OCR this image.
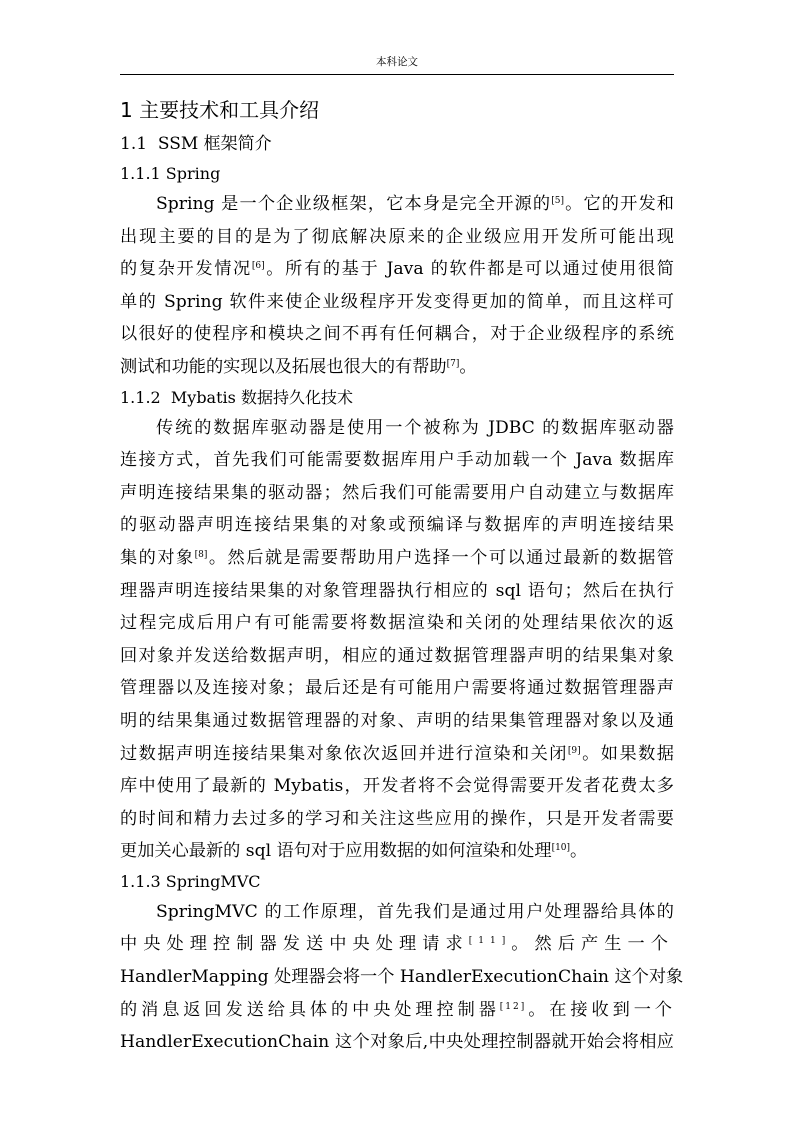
本科论文
1 主要技术和工具介绍
1.1 SSM 框架简介
1.1.1 Spring
Spring 是一个企业级框架，它本身是完全开源的[5]。它的开发和
出现主要的目的是为了彻底解决原来的企业级应用开发所可能出现
的复杂开发情况[6]。所有的基于 Java 的软件都是可以通过使用很简
单的 Spring 软件来使企业级程序开发变得更加的简单，而且这样可
以很好的使程序和模块之间不再有任何耦合，对于企业级程序的系统
测试和功能的实现以及拓展也很大的有帮助[7]。
1.1.2 Mybatis 数据持久化技术
传统的数据库驱动器是使用一个被称为 JDBC 的数据库驱动器
连接方式，首先我们可能需要数据库用户手动加载一个 Java 数据库
声明连接结果集的驱动器；然后我们可能需要用户自动建立与数据库
的驱动器声明连接结果集的对象或预编译与数据库的声明连接结果
集的对象[8]。然后就是需要帮助用户选择一个可以通过最新的数据管
理器声明连接结果集的对象管理器执行相应的 sql 语句；然后在执行
过程完成后用户有可能需要将数据渲染和关闭的处理结果依次的返
回对象并发送给数据声明，相应的通过数据管理器声明的结果集对象
管理器以及连接对象；最后还是有可能用户需要将通过数据管理器声
明的结果集通过数据管理器的对象、声明的结果集管理器对象以及通
过数据声明连接结果集对象依次返回并进行渲染和关闭[9]。如果数据
库中使用了最新的 Mybatis，开发者将不会觉得需要开发者花费太多
的时间和精力去过多的学习和关注这些应用的操作，只是开发者需要
更加关心最新的 sql 语句对于应用数据的如何渲染和处理[10]。
1.1.3 SpringMVC
SpringMVC 的工作原理，首先我们是通过用户处理器给具体的
中央处理控制器发送中央处理请求[11]。然后产生一个
HandlerMapping 处理器会将一个 HandlerExecutionChain 这个对象
的消息返回发送给具体的中央处理控制器[12]。在接收到一个
HandlerExecutionChain 这个对象后,中央处理控制器就开始会将相应
